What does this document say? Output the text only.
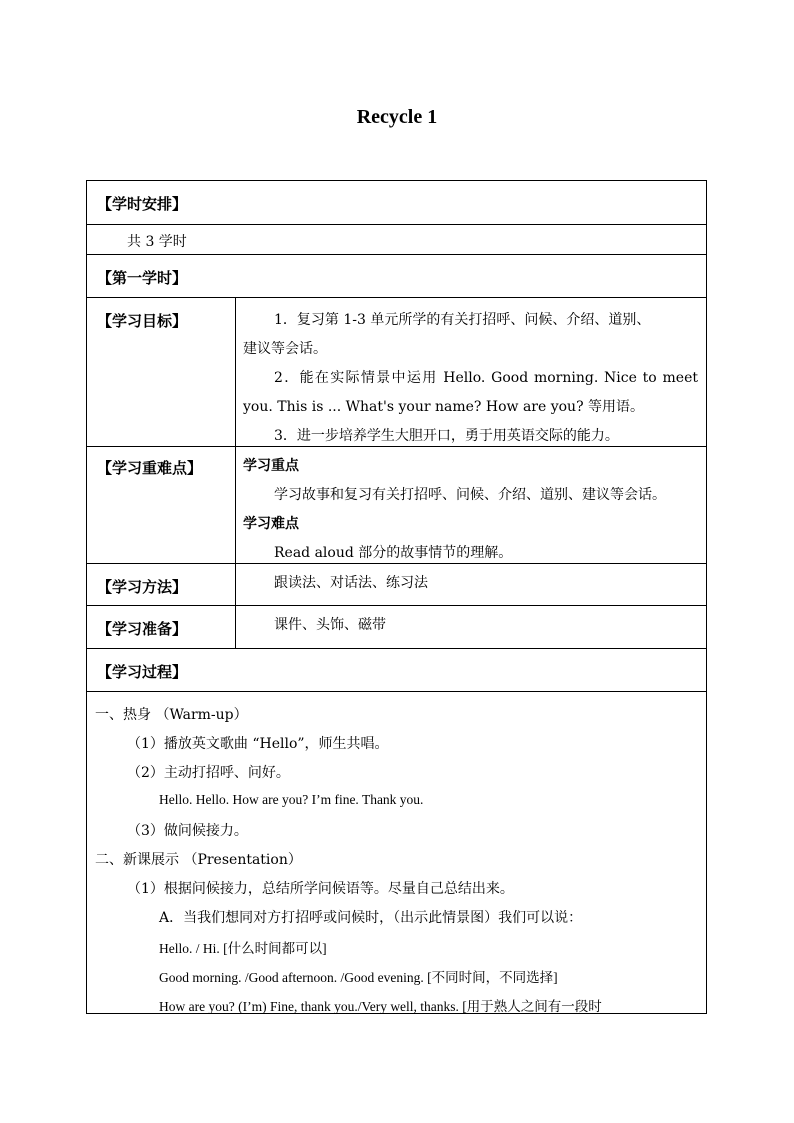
Recycle 1
【学时安排】
共 3 学时
【第一学时】
【学习目标】	1．复习第 1-3 单元所学的有关打招呼、问候、介绍、道别、
建议等会话。
2．能在实际情景中运用 Hello. Good morning. Nice to meet
you. This is ... What's your name? How are you? 等用语。
3．进一步培养学生大胆开口，勇于用英语交际的能力。
【学习重难点】	学习重点
学习故事和复习有关打招呼、问候、介绍、道别、建议等会话。
学习难点
Read aloud 部分的故事情节的理解。
【学习方法】	跟读法、对话法、练习法
【学习准备】	课件、头饰、磁带
【学习过程】
一、热身 （Warm-up）
（1）播放英文歌曲 “Hello”，师生共唱。
（2）主动打招呼、问好。
Hello. Hello. How are you? I’m fine. Thank you.
（3）做问候接力。
二、新课展示 （Presentation）
（1）根据问候接力，总结所学问候语等。尽量自己总结出来。
A．当我们想同对方打招呼或问候时，（出示此情景图）我们可以说：
Hello. / Hi. [什么时间都可以]
Good morning. /Good afternoon. /Good evening. [不同时间，不同选择]
How are you? (I’m) Fine, thank you./Very well, thanks. [用于熟人之间有一段时
